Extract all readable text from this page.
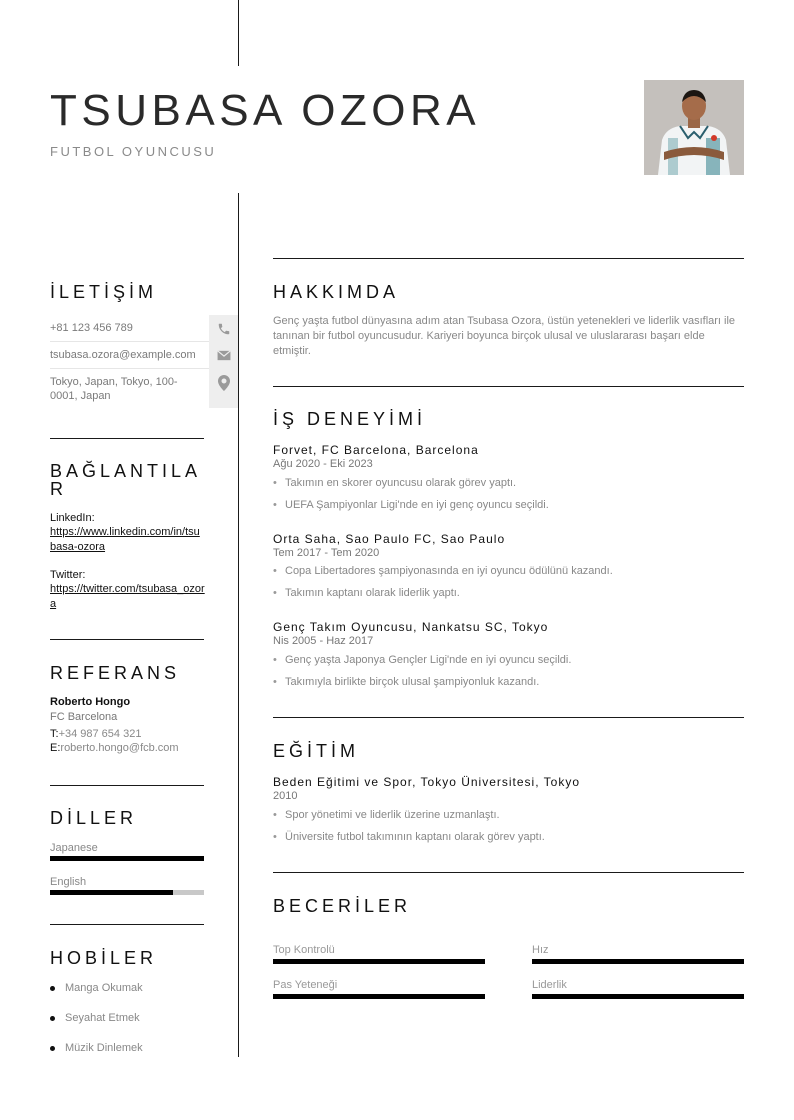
TSUBASA OZORA
FUTBOL OYUNCUSU
İLETİŞİM
+81 123 456 789
tsubasa.ozora@example.com
Tokyo, Japan, Tokyo, 100-0001, Japan
BAĞLANTILAR
LinkedIn:
https://www.linkedin.com/in/tsubasa-ozora
Twitter:
https://twitter.com/tsubasa_ozora
REFERANS
Roberto Hongo
FC Barcelona
T:+34 987 654 321
E:roberto.hongo@fcb.com
DİLLER
Japanese
English
HOBİLER
Manga Okumak
Seyahat Etmek
Müzik Dinlemek
HAKKIMDA
Genç yaşta futbol dünyasına adım atan Tsubasa Ozora, üstün yetenekleri ve liderlik vasıfları ile tanınan bir futbol oyuncusudur. Kariyeri boyunca birçok ulusal ve uluslararası başarı elde etmiştir.
İŞ DENEYİMİ
Forvet, FC Barcelona, Barcelona
Ağu 2020 - Eki 2023
• Takımın en skorer oyuncusu olarak görev yaptı.
• UEFA Şampiyonlar Ligi'nde en iyi genç oyuncu seçildi.
Orta Saha, Sao Paulo FC, Sao Paulo
Tem 2017 - Tem 2020
• Copa Libertadores şampiyonasında en iyi oyuncu ödülünü kazandı.
• Takımın kaptanı olarak liderlik yaptı.
Genç Takım Oyuncusu, Nankatsu SC, Tokyo
Nis 2005 - Haz 2017
• Genç yaşta Japonya Gençler Ligi'nde en iyi oyuncu seçildi.
• Takımıyla birlikte birçok ulusal şampiyonluk kazandı.
EĞİTİM
Beden Eğitimi ve Spor, Tokyo Üniversitesi, Tokyo
2010
• Spor yönetimi ve liderlik üzerine uzmanlaştı.
• Üniversite futbol takımının kaptanı olarak görev yaptı.
BECERİLER
Top Kontrolü	Hız
Pas Yeteneği	Liderlik
